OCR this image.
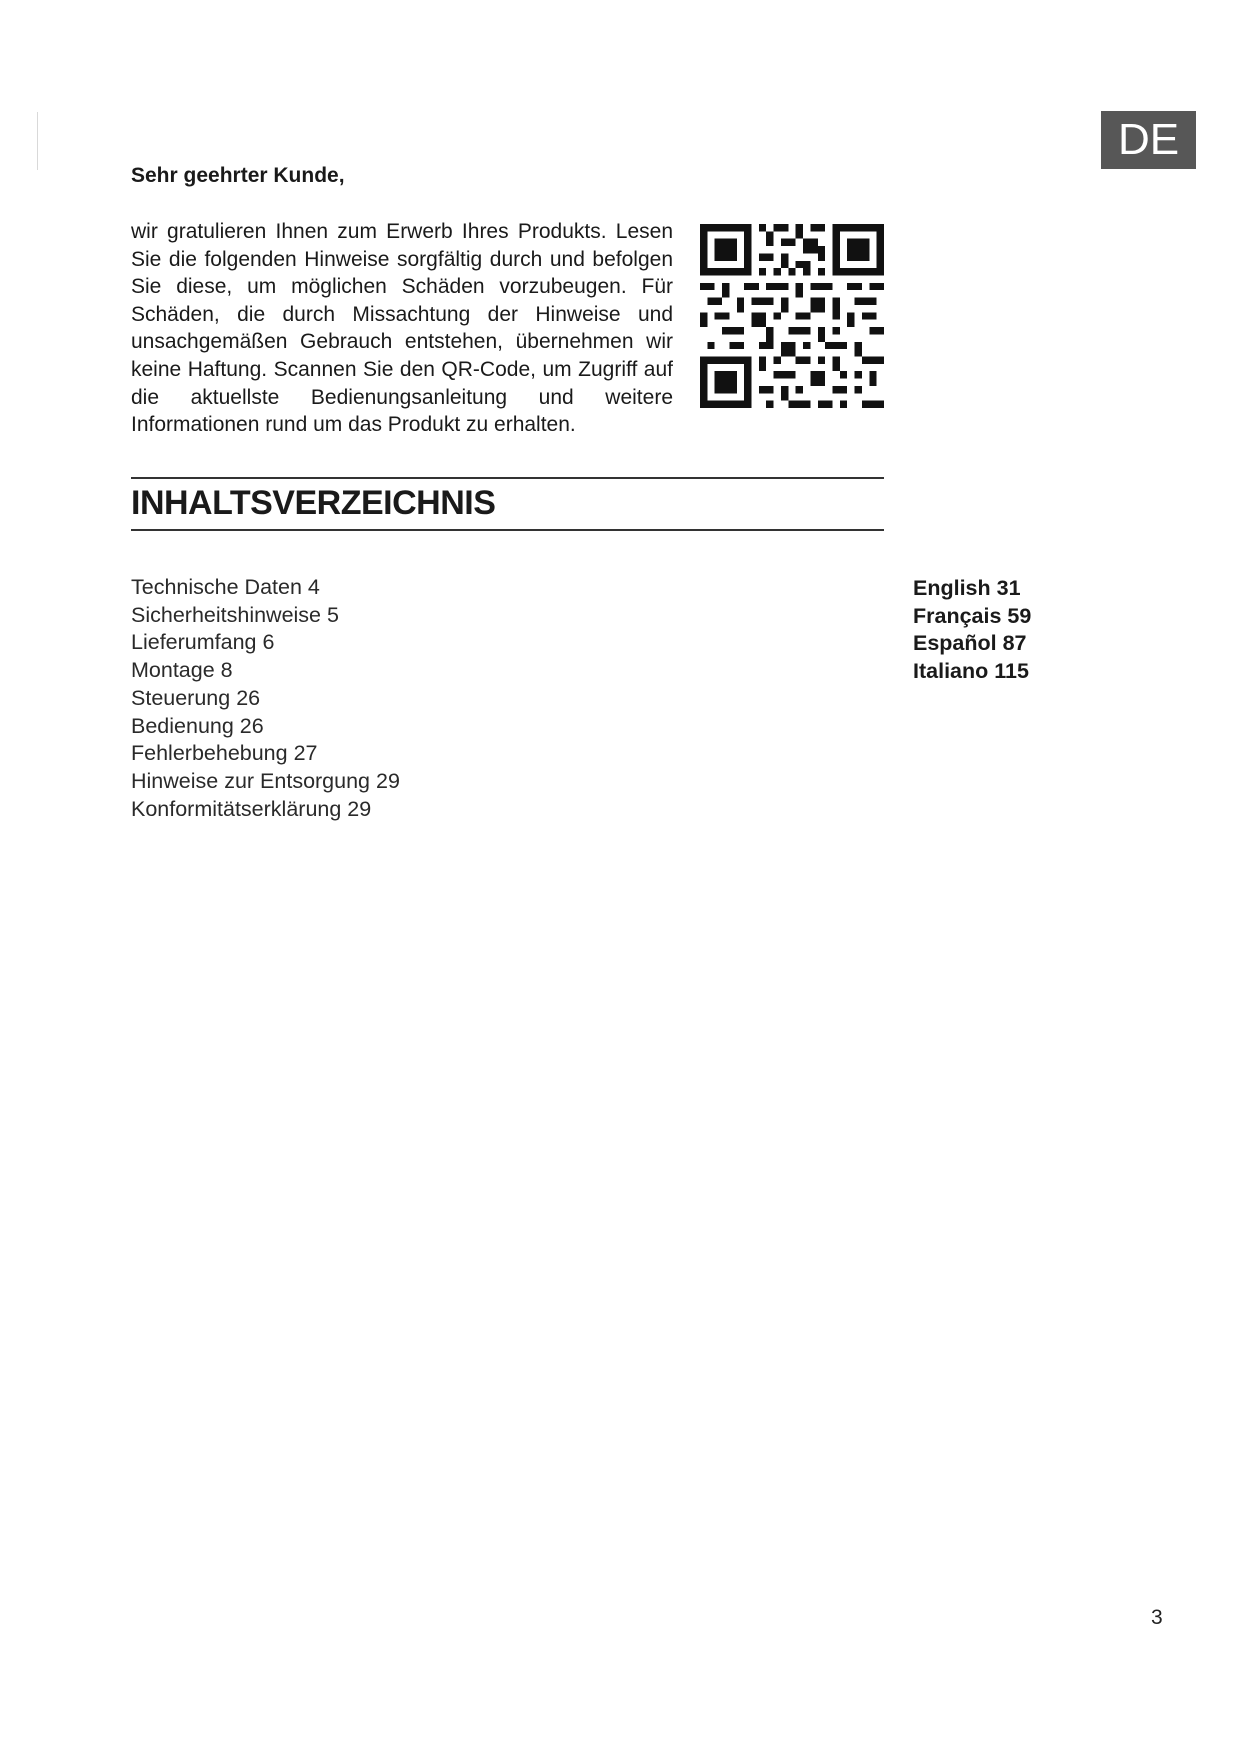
DE
Sehr geehrter Kunde,

wir gratulieren Ihnen zum Erwerb Ihres Produkts. Lesen Sie die folgenden Hinweise sorgfältig durch und befolgen Sie diese, um möglichen Schäden vorzubeugen. Für Schäden, die durch Missachtung der Hinweise und unsachgemäßen Gebrauch entstehen, übernehmen wir keine Haftung. Scannen Sie den QR-Code, um Zugriff auf die aktuellste Bedienungsanleitung und weitere Informationen rund um das Produkt zu erhalten.

INHALTSVERZEICHNIS
Technische Daten 4
Sicherheitshinweise 5
Lieferumfang 6
Montage 8
Steuerung 26
Bedienung 26
Fehlerbehebung 27
Hinweise zur Entsorgung 29
Konformitätserklärung 29
English 31
Français 59
Español 87
Italiano 115
3
